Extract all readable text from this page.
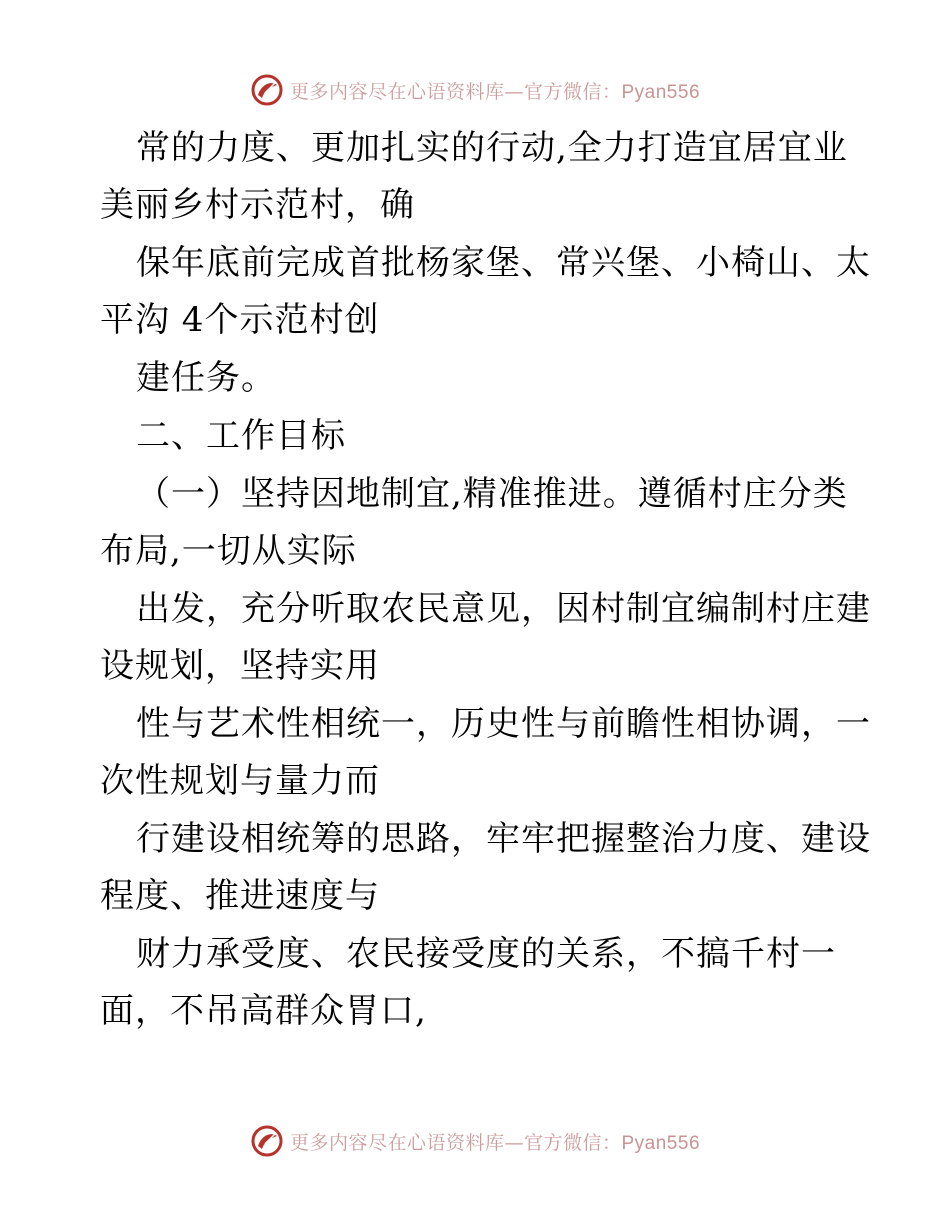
更多内容尽在心语资料库—官方微信：Pyan556
常的力度、更加扎实的行动,全力打造宜居宜业
美丽乡村示范村，确
保年底前完成首批杨家堡、常兴堡、小椅山、太
平沟 4个示范村创
建任务。
二、工作目标
（一）坚持因地制宜,精准推进。遵循村庄分类
布局,一切从实际
出发，充分听取农民意见，因村制宜编制村庄建
设规划，坚持实用
性与艺术性相统一，历史性与前瞻性相协调，一
次性规划与量力而
行建设相统筹的思路，牢牢把握整治力度、建设
程度、推进速度与
财力承受度、农民接受度的关系，不搞千村一
面，不吊高群众胃口,
更多内容尽在心语资料库—官方微信：Pyan556
